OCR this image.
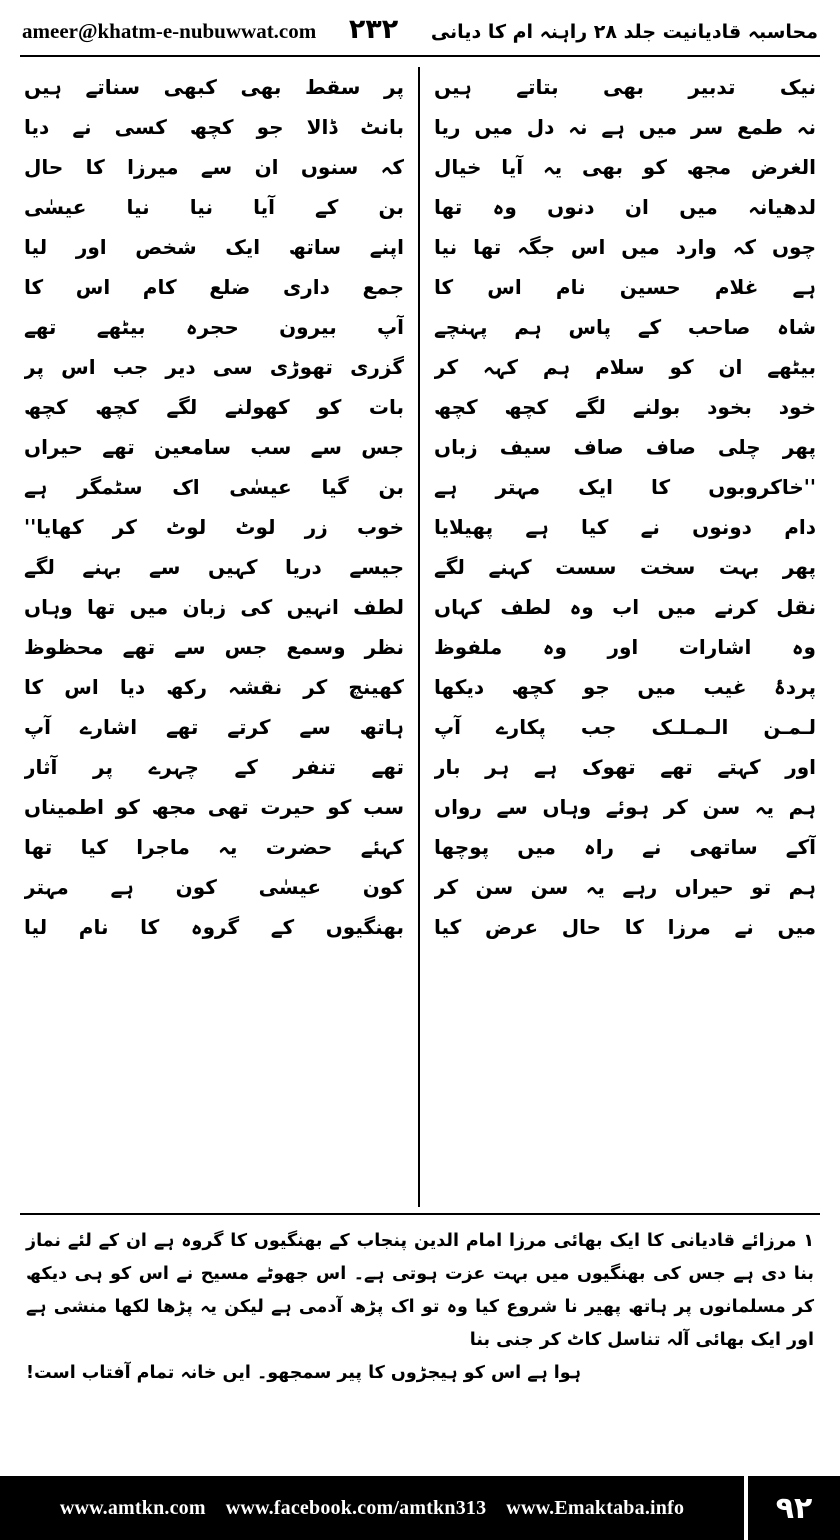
محاسبہ قادیانیت جلد ۲۸ راہنہ ام کا دیانی
۲۳۲
ameer@khatm-e-nubuwwat.com
نیک تدبیر بھی بتاتے ہیں
نہ طمع سر میں ہے نہ دل میں ریا
الغرض مجھ کو بھی یہ آیا خیال
لدھیانہ میں ان دنوں وہ تھا
چوں کہ وارد میں اس جگہ تھا نیا
ہے غلام حسین نام اس کا
شاہ صاحب کے پاس ہم پہنچے
بیٹھے ان کو سلام ہم کہہ کر
خود بخود بولنے لگے کچھ کچھ
پھر چلی صاف صاف سیف زباں
''خاکروبوں کا ایک مہتر ہے
دام دونوں نے کیا ہے پھیلایا
پھر بہت سخت سست کہنے لگے
نقل کرنے میں اب وہ لطف کہاں
وہ اشارات اور وہ ملفوظ
پردۂ غیب میں جو کچھ دیکھا
لـمـن الـمـلـک جب پکارے آپ
اور کہتے تھے تھوک ہے ہر بار
ہم یہ سن کر ہوئے وہاں سے رواں
آکے ساتھی نے راہ میں پوچھا
ہم تو حیراں رہے یہ سن سن کر
میں نے مرزا کا حال عرض کیا
پر سقط بھی کبھی سناتے ہیں
بانٹ ڈالا جو کچھ کسی نے دیا
کہ سنوں ان سے میرزا کا حال
بن کے آیا نیا نیا عیسٰی
اپنے ساتھ ایک شخص اور لیا
جمع داری ضلع کام اس کا
آپ بیرون حجرہ بیٹھے تھے
گزری تھوڑی سی دیر جب اس پر
بات کو کھولنے لگے کچھ کچھ
جس سے سب سامعین تھے حیراں
بن گیا عیسٰی اک سٹمگر ہے
خوب زر لوٹ لوٹ کر کھایا''
جیسے دریا کہیں سے بہنے لگے
لطف انہیں کی زبان میں تھا وہاں
نظر وسمع جس سے تھے محظوظ
کھینچ کر نقشہ رکھ دیا اس کا
ہاتھ سے کرتے تھے اشارے آپ
تھے تنفر کے چہرے پر آثار
سب کو حیرت تھی مجھ کو اطمیناں
کہئے حضرت یہ ماجرا کیا تھا
کون عیسٰی کون ہے مہتر
بھنگیوں کے گروہ کا نام لیا
۱ مرزائے قادیانی کا ایک بھائی مرزا امام الدین پنجاب کے بھنگیوں کا گروہ ہے ان کے لئے نماز بنا دی ہے جس کی بھنگیوں میں بہت عزت ہوتی ہے۔ اس جھوٹے مسیح نے اس کو ہی دیکھ کر مسلمانوں پر ہاتھ پھیر نا شروع کیا وہ تو اک پڑھ آدمی ہے لیکن یہ پڑھا لکھا منشی ہے اور ایک بھائی آلہ تناسل کاٹ کر جنی بنا
ہوا ہے اس کو ہیجڑوں کا پیر سمجھو۔ ایں خانہ تمام آفتاب است!
www.amtkn.com www.facebook.com/amtkn313 www.Emaktaba.info	۹۲
